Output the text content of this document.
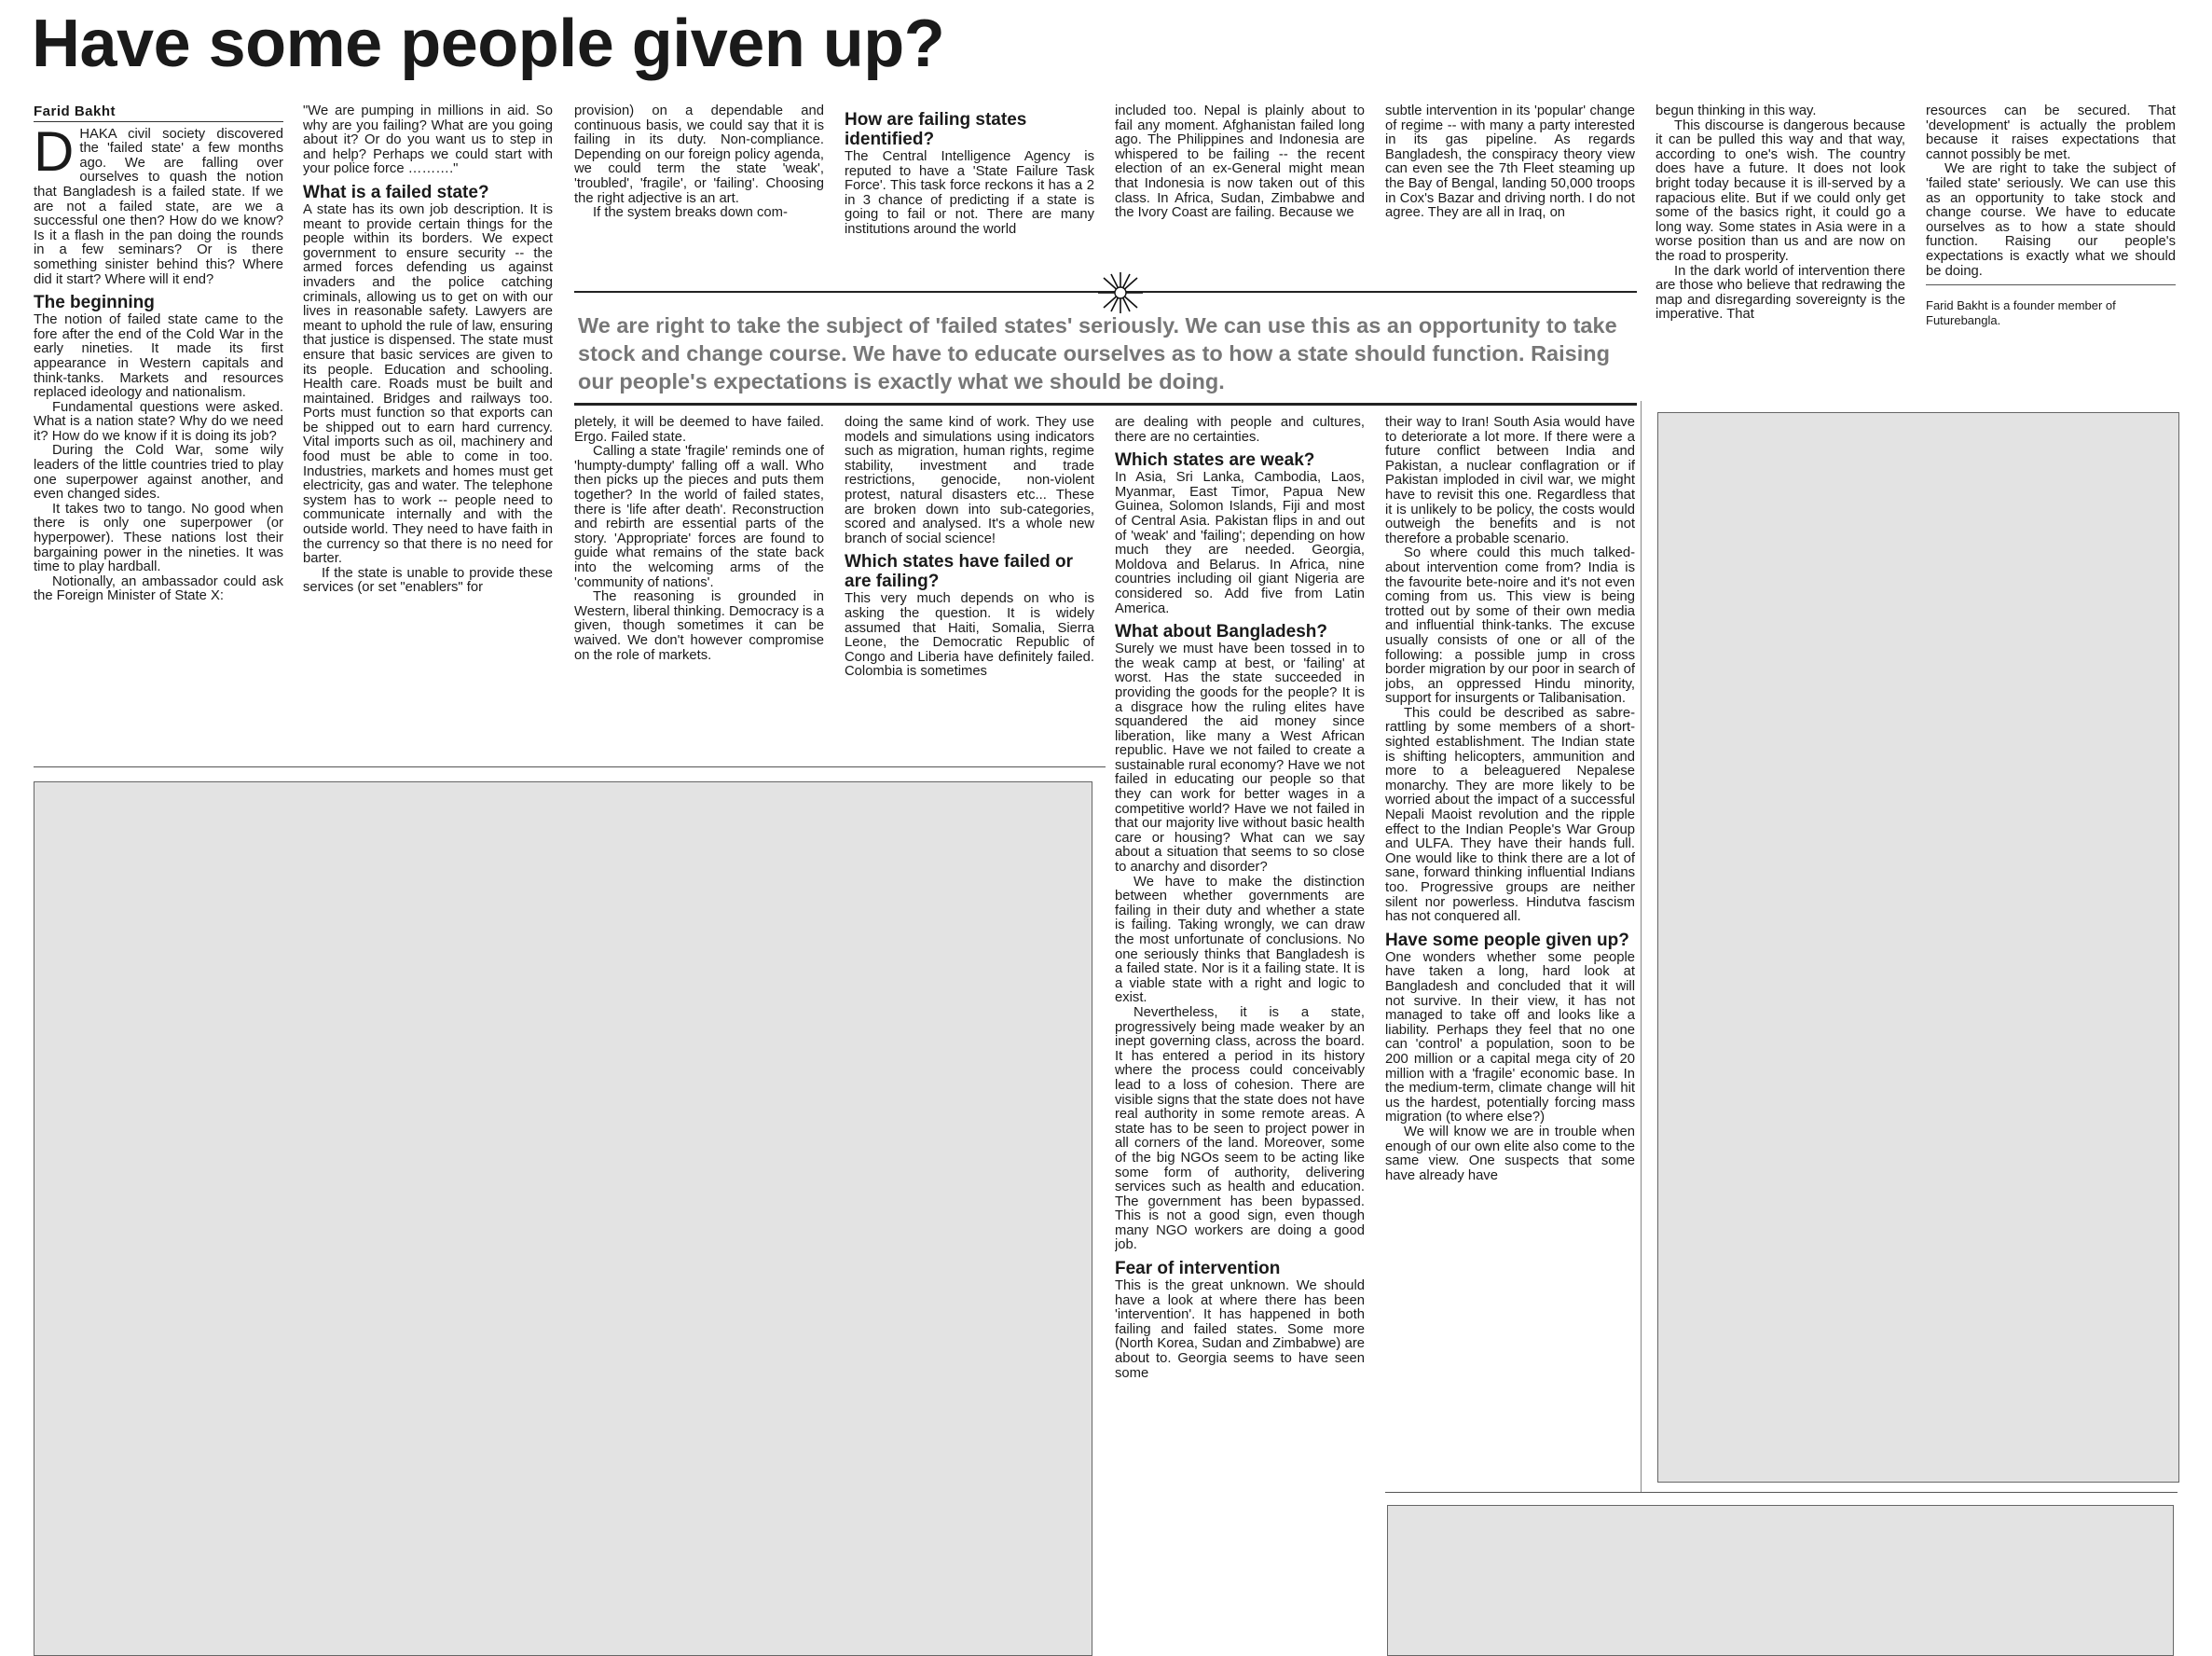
Have some people given up?
Farid Bakht
D HAKA civil society discovered the 'failed state' a few months ago. We are falling over ourselves to quash the notion that Bangladesh is a failed state. If we are not a failed state, are we a successful one then? How do we know? Is it a flash in the pan doing the rounds in a few seminars? Or is there something sinister behind this? Where did it start? Where will it end?

The beginning

The notion of failed state came to the fore after the end of the Cold War in the early nineties. It made its first appearance in Western capitals and think-tanks. Markets and resources replaced ideology and nationalism.

Fundamental questions were asked. What is a nation state? Why do we need it? How do we know if it is doing its job?

During the Cold War, some wily leaders of the little countries tried to play one superpower against another, and even changed sides.

It takes two to tango. No good when there is only one superpower (or hyperpower). These nations lost their bargaining power in the nineties. It was time to play hardball.

Notionally, an ambassador could ask the Foreign Minister of State X:

"We are pumping in millions in aid. So why are you failing? What are you going about it? Or do you want us to step in and help? Perhaps we could start with your police force ………."

What is a failed state?

A state has its own job description. It is meant to provide certain things for the people within its borders. We expect government to ensure security -- the armed forces defending us against invaders and the police catching criminals, allowing us to get on with our lives in reasonable safety. Lawyers are meant to uphold the rule of law, ensuring that justice is dispensed. The state must ensure that basic services are given to its people. Education and schooling. Health care. Roads must be built and maintained. Bridges and railways too. Ports must function so that exports can be shipped out to earn hard currency. Vital imports such as oil, machinery and food must be able to come in too. Industries, markets and homes must get electricity, gas and water. The telephone system has to work -- people need to communicate internally and with the outside world. They need to have faith in the currency so that there is no need for barter.

If the state is unable to provide these services (or set "enablers" for

provision) on a dependable and continuous basis, we could say that it is failing in its duty. Non-compliance. Depending on our foreign policy agenda, we could term the state 'weak', 'troubled', 'fragile', or 'failing'. Choosing the right adjective is an art.

If the system breaks down com-

How are failing states identified?

The Central Intelligence Agency is reputed to have a 'State Failure Task Force'. This task force reckons it has a 2 in 3 chance of predicting if a state is going to fail or not. There are many institutions around the world

included too. Nepal is plainly about to fail any moment. Afghanistan failed long ago. The Philippines and Indonesia are whispered to be failing -- the recent election of an ex-General might mean that Indonesia is now taken out of this class. In Africa, Sudan, Zimbabwe and the Ivory Coast are failing. Because we

subtle intervention in its 'popular' change of regime -- with many a party interested in its gas pipeline. As regards Bangladesh, the conspiracy theory view can even see the 7th Fleet steaming up the Bay of Bengal, landing 50,000 troops in Cox's Bazar and driving north. I do not agree. They are all in Iraq, on

begun thinking in this way.

This discourse is dangerous because it can be pulled this way and that way, according to one's wish. The country does have a future. It does not look bright today because it is ill-served by a rapacious elite. But if we could only get some of the basics right, it could go a long way. Some states in Asia were in a worse position than us and are now on the road to prosperity.

In the dark world of intervention there are those who believe that redrawing the map and disregarding sovereignty is the imperative. That

resources can be secured. That 'development' is actually the problem because it raises expectations that cannot possibly be met.

We are right to take the subject of 'failed state' seriously. We can use this as an opportunity to take stock and change course. We have to educate ourselves as to how a state should function. Raising our people's expectations is exactly what we should be doing.

Farid Bakht is a founder member of Futurebangla.
We are right to take the subject of 'failed states' seriously. We can use this as an opportunity to take stock and change course. We have to educate ourselves as to how a state should function. Raising our people's expectations is exactly what we should be doing.

pletely, it will be deemed to have failed. Ergo. Failed state.

Calling a state 'fragile' reminds one of 'humpty-dumpty' falling off a wall. Who then picks up the pieces and puts them together? In the world of failed states, there is 'life after death'. Reconstruction and rebirth are essential parts of the story. 'Appropriate' forces are found to guide what remains of the state back into the welcoming arms of the 'community of nations'.

The reasoning is grounded in Western, liberal thinking. Democracy is a given, though sometimes it can be waived. We don't however compromise on the role of markets.

doing the same kind of work. They use models and simulations using indicators such as migration, human rights, regime stability, investment and trade restrictions, genocide, non-violent protest, natural disasters etc... These are broken down into sub-categories, scored and analysed. It's a whole new branch of social science!

Which states have failed or are failing?

This very much depends on who is asking the question. It is widely assumed that Haiti, Somalia, Sierra Leone, the Democratic Republic of Congo and Liberia have definitely failed. Colombia is sometimes

are dealing with people and cultures, there are no certainties.

Which states are weak?

In Asia, Sri Lanka, Cambodia, Laos, Myanmar, East Timor, Papua New Guinea, Solomon Islands, Fiji and most of Central Asia. Pakistan flips in and out of 'weak' and 'failing'; depending on how much they are needed. Georgia, Moldova and Belarus. In Africa, nine countries including oil giant Nigeria are considered so. Add five from Latin America.

What about Bangladesh?

Surely we must have been tossed in to the weak camp at best, or 'failing' at worst. Has the state succeeded in providing the goods for the people? It is a disgrace how the ruling elites have squandered the aid money since liberation, like many a West African republic. Have we not failed to create a sustainable rural economy? Have we not failed in educating our people so that they can work for better wages in a competitive world? Have we not failed in that our majority live without basic health care or housing? What can we say about a situation that seems to so close to anarchy and disorder?

We have to make the distinction between whether governments are failing in their duty and whether a state is failing. Taking wrongly, we can draw the most unfortunate of conclusions. No one seriously thinks that Bangladesh is a failed state. Nor is it a failing state. It is a viable state with a right and logic to exist.

Nevertheless, it is a state, progressively being made weaker by an inept governing class, across the board. It has entered a period in its history where the process could conceivably lead to a loss of cohesion. There are visible signs that the state does not have real authority in some remote areas. A state has to be seen to project power in all corners of the land. Moreover, some of the big NGOs seem to be acting like some form of authority, delivering services such as health and education. The government has been bypassed. This is not a good sign, even though many NGO workers are doing a good job.

Fear of intervention

This is the great unknown. We should have a look at where there has been 'intervention'. It has happened in both failing and failed states. Some more (North Korea, Sudan and Zimbabwe) are about to. Georgia seems to have seen some

their way to Iran! South Asia would have to deteriorate a lot more. If there were a future conflict between India and Pakistan, a nuclear conflagration or if Pakistan imploded in civil war, we might have to revisit this one. Regardless that it is unlikely to be policy, the costs would outweigh the benefits and is not therefore a probable scenario.

So where could this much talked-about intervention come from? India is the favourite bete-noire and it's not even coming from us. This view is being trotted out by some of their own media and influential think-tanks. The excuse usually consists of one or all of the following: a possible jump in cross border migration by our poor in search of jobs, an oppressed Hindu minority, support for insurgents or Talibanisation.

This could be described as sabre-rattling by some members of a short-sighted establishment. The Indian state is shifting helicopters, ammunition and more to a beleaguered Nepalese monarchy. They are more likely to be worried about the impact of a successful Nepali Maoist revolution and the ripple effect to the Indian People's War Group and ULFA. They have their hands full. One would like to think there are a lot of sane, forward thinking influential Indians too. Progressive groups are neither silent nor powerless. Hindutva fascism has not conquered all.

Have some people given up?

One wonders whether some people have taken a long, hard look at Bangladesh and concluded that it will not survive. In their view, it has not managed to take off and looks like a liability. Perhaps they feel that no one can 'control' a population, soon to be 200 million or a capital mega city of 20 million with a 'fragile' economic base. In the medium-term, climate change will hit us the hardest, potentially forcing mass migration (to where else?)

We will know we are in trouble when enough of our own elite also come to the same view. One suspects that some have already have
